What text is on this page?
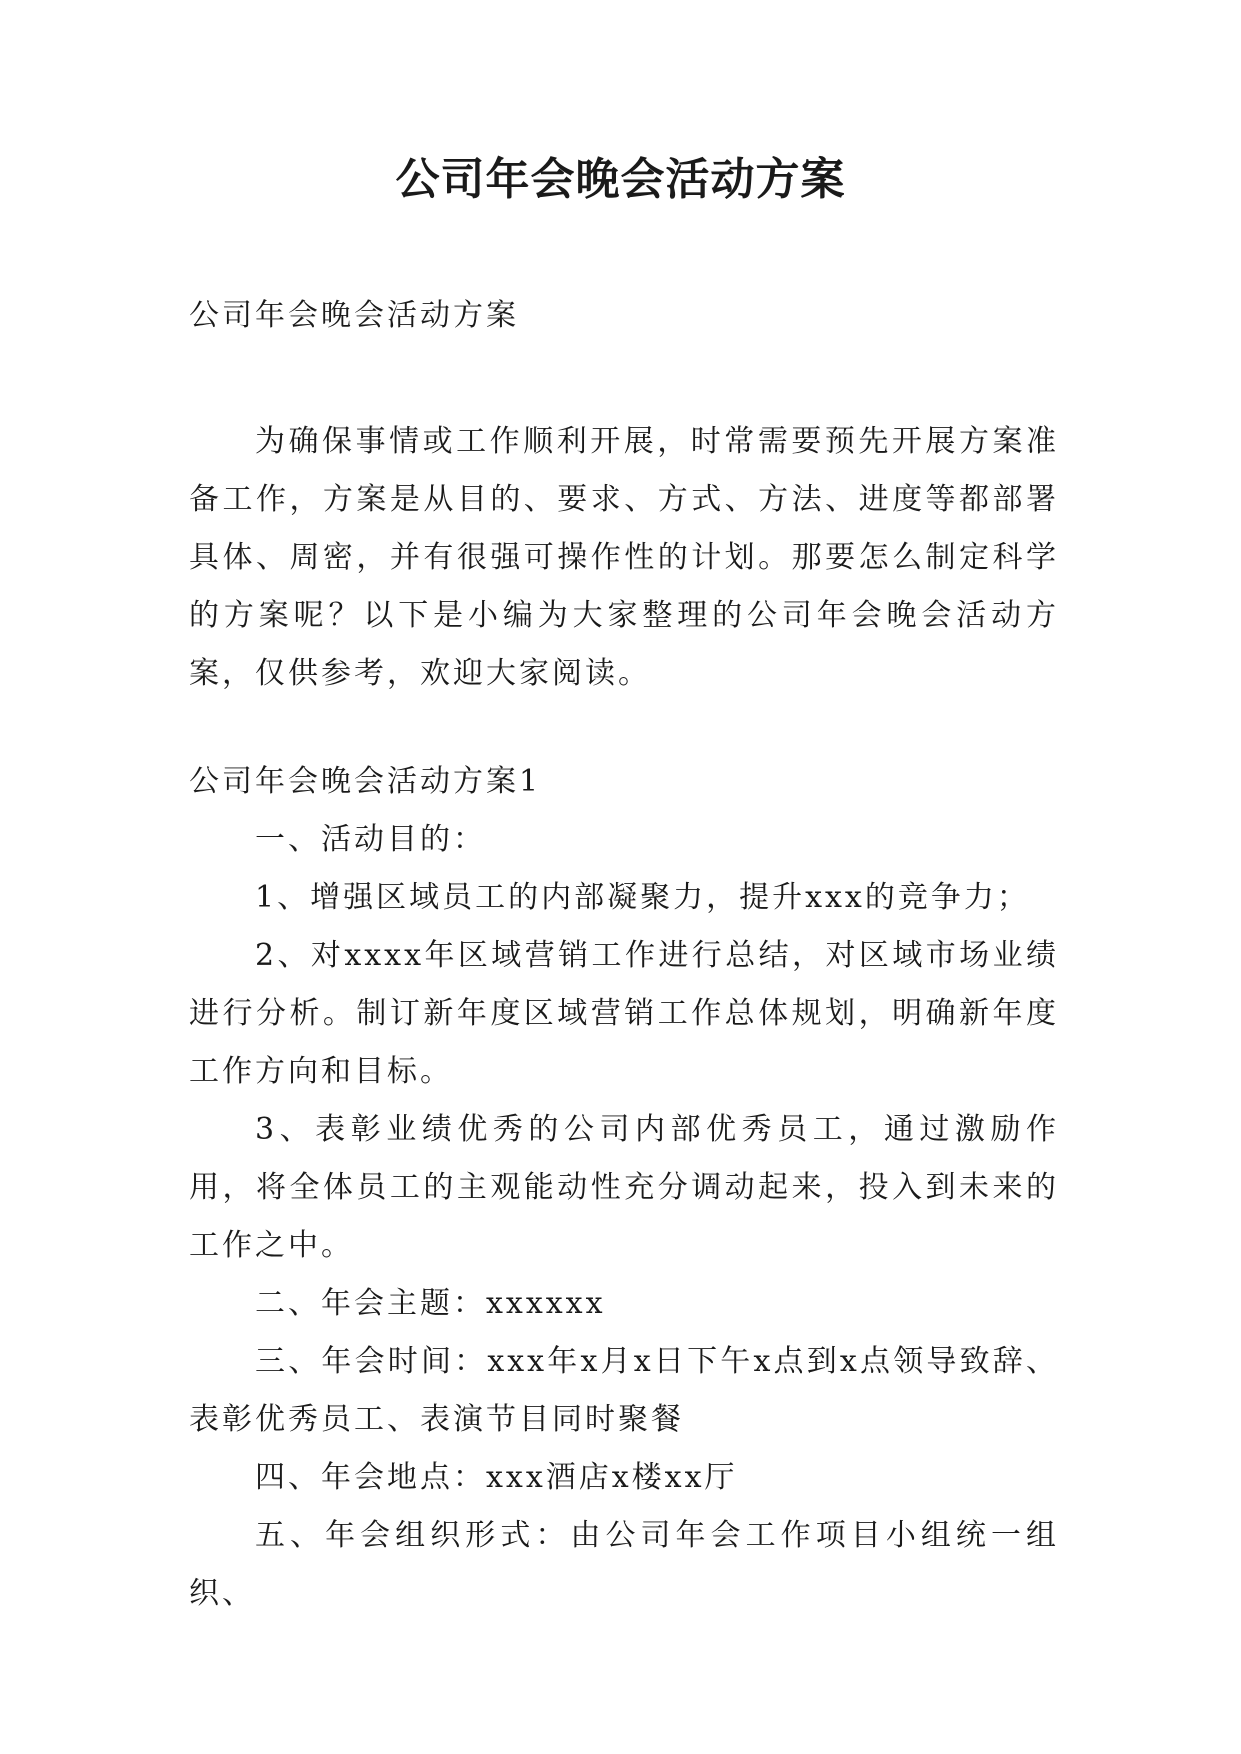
公司年会晚会活动方案

公司年会晚会活动方案

为确保事情或工作顺利开展，时常需要预先开展方案准备工作，方案是从目的、要求、方式、方法、进度等都部署具体、周密，并有很强可操作性的计划。那要怎么制定科学的方案呢？以下是小编为大家整理的公司年会晚会活动方案，仅供参考，欢迎大家阅读。

公司年会晚会活动方案1

一、活动目的：

1、增强区域员工的内部凝聚力，提升xxx的竞争力；

2、对xxxx年区域营销工作进行总结，对区域市场业绩进行分析。制订新年度区域营销工作总体规划，明确新年度工作方向和目标。

3、表彰业绩优秀的公司内部优秀员工，通过激励作用，将全体员工的主观能动性充分调动起来，投入到未来的工作之中。

二、年会主题：xxxxxx

三、年会时间：xxx年x月x日下午x点到x点领导致辞、表彰优秀员工、表演节目同时聚餐

四、年会地点：xxx酒店x楼xx厅

五、年会组织形式：由公司年会工作项目小组统一组织、
